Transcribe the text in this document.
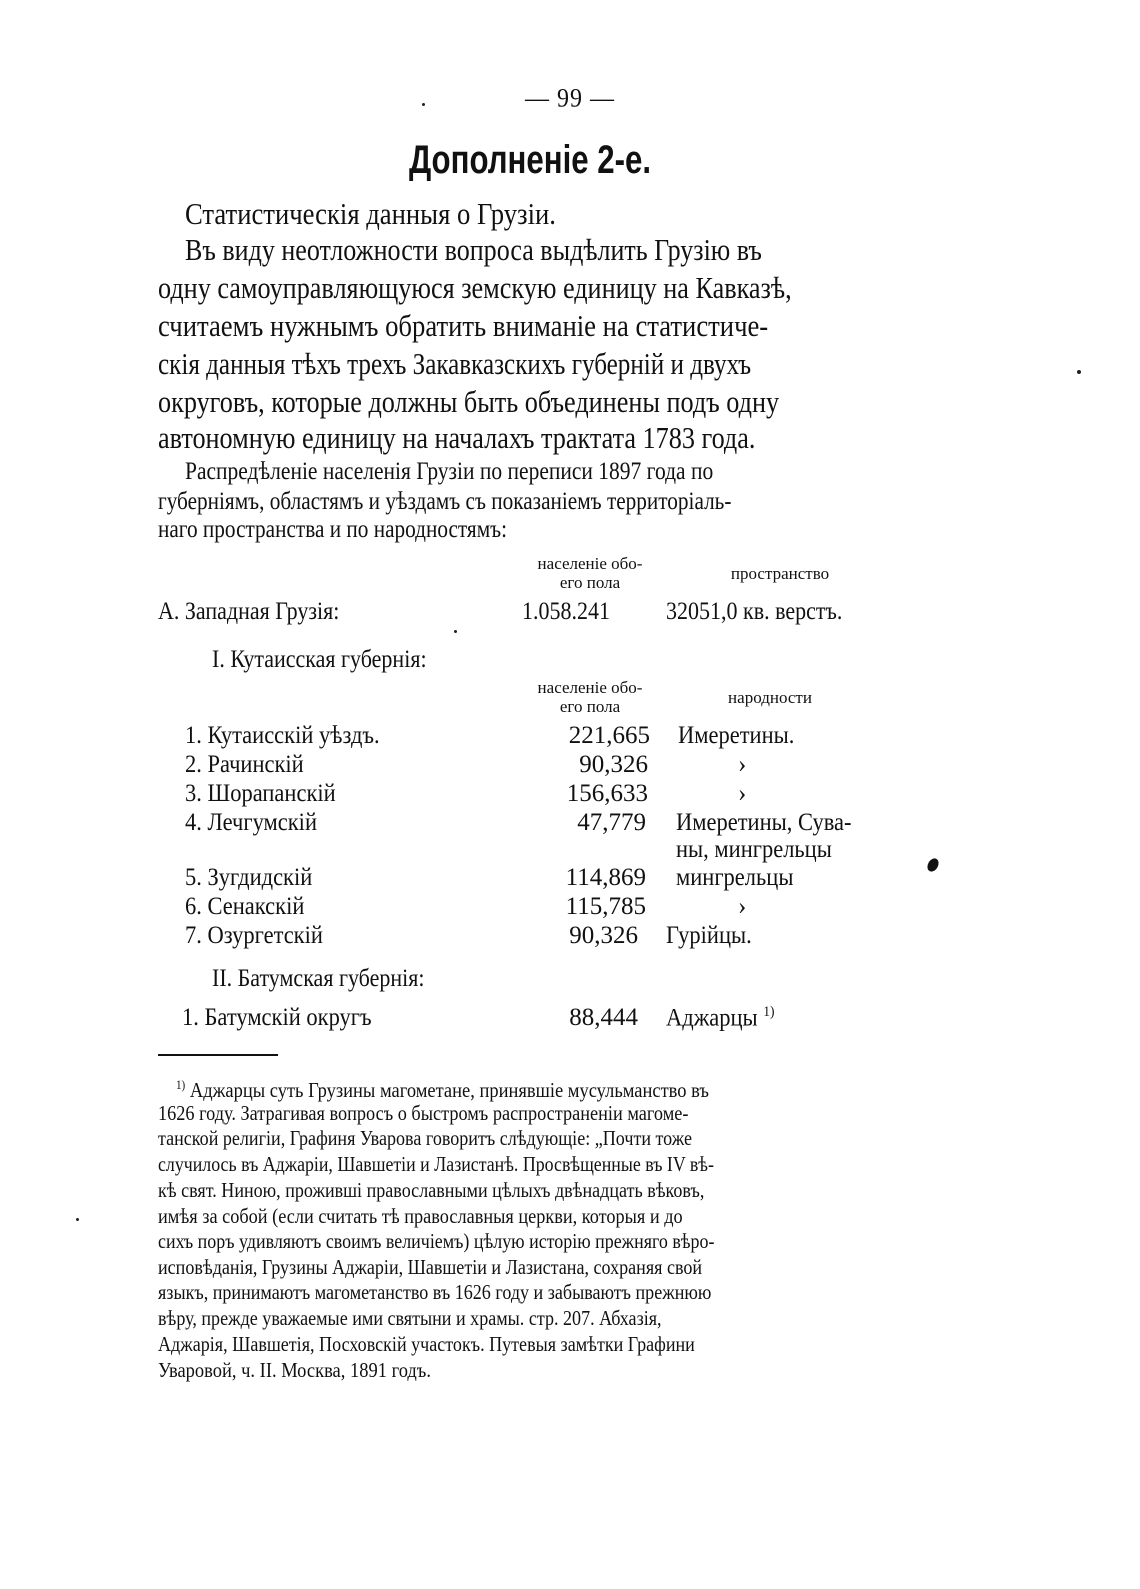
— 99 —
Дополненiе 2-е.
Статистическiя данныя о Грузiи.
Въ виду неотложности вопроса выдѣлить Грузiю въ
одну самоуправляющуюся земскую единицу на Кавказѣ,
считаемъ нужнымъ обратить вниманiе на статистиче-
скiя данныя тѣхъ трехъ Закавказскихъ губернiй и двухъ
округовъ, которые должны быть объединены подъ одну
автономную единицу на началахъ трактата 1783 года.
Распредѣленiе населенiя Грузiи по переписи 1897 года по
губернiямъ, областямъ и уѣздамъ съ показанiемъ территорiаль-
наго пространства и по народностямъ:
населенiе обо-
его пола	пространство
А. Западная Грузiя:	1.058.241 32051,0 кв. верстъ.
I. Кутаисская губернiя:
населенiе обо-
его пола	народности
1. Кутаисскiй уѣздъ.	221,665 Имеретины.
2. Рачинскiй	90,326	›
3. Шорапанскiй	156,633	›
4. Лечгумскiй	47,779 Имеретины, Сува-
ны, мингрельцы
5. Зугдидскiй	114,869 мингрельцы
6. Сенакскiй	115,785	›
7. Озургетскiй	90,326 Гурiйцы.
II. Батумская губернiя:
1. Батумскiй округъ	88,444 Аджарцы $^{1)}$
$^{1)}$ Аджарцы суть Грузины магометане, принявшiе мусульманство въ
1626 году. Затрагивая вопросъ о быстромъ распространенiи магоме-
танской религiи, Графиня Уварова говоритъ слѣдующiе: „Почти тоже
случилось въ Аджарiи, Шавшетiи и Лазистанѣ. Просвѣщенные въ IV вѣ-
кѣ свят. Ниною, прожившi православными цѣлыхъ двѣнадцать вѣковъ,
имѣя за собой (если считать тѣ православныя церкви, которыя и до
сихъ поръ удивляютъ своимъ величiемъ) цѣлую исторiю прежняго вѣро-
исповѣданiя, Грузины Аджарiи, Шавшетiи и Лазистана, сохраняя свой
языкъ, принимаютъ магометанство въ 1626 году и забываютъ прежнюю
вѣру, прежде уважаемые ими святыни и храмы. стр. 207. Абхазiя,
Аджарiя, Шавшетiя, Посховскiй участокъ. Путевыя замѣтки Графини
Уваровой, ч. II. Москва, 1891 годъ.
